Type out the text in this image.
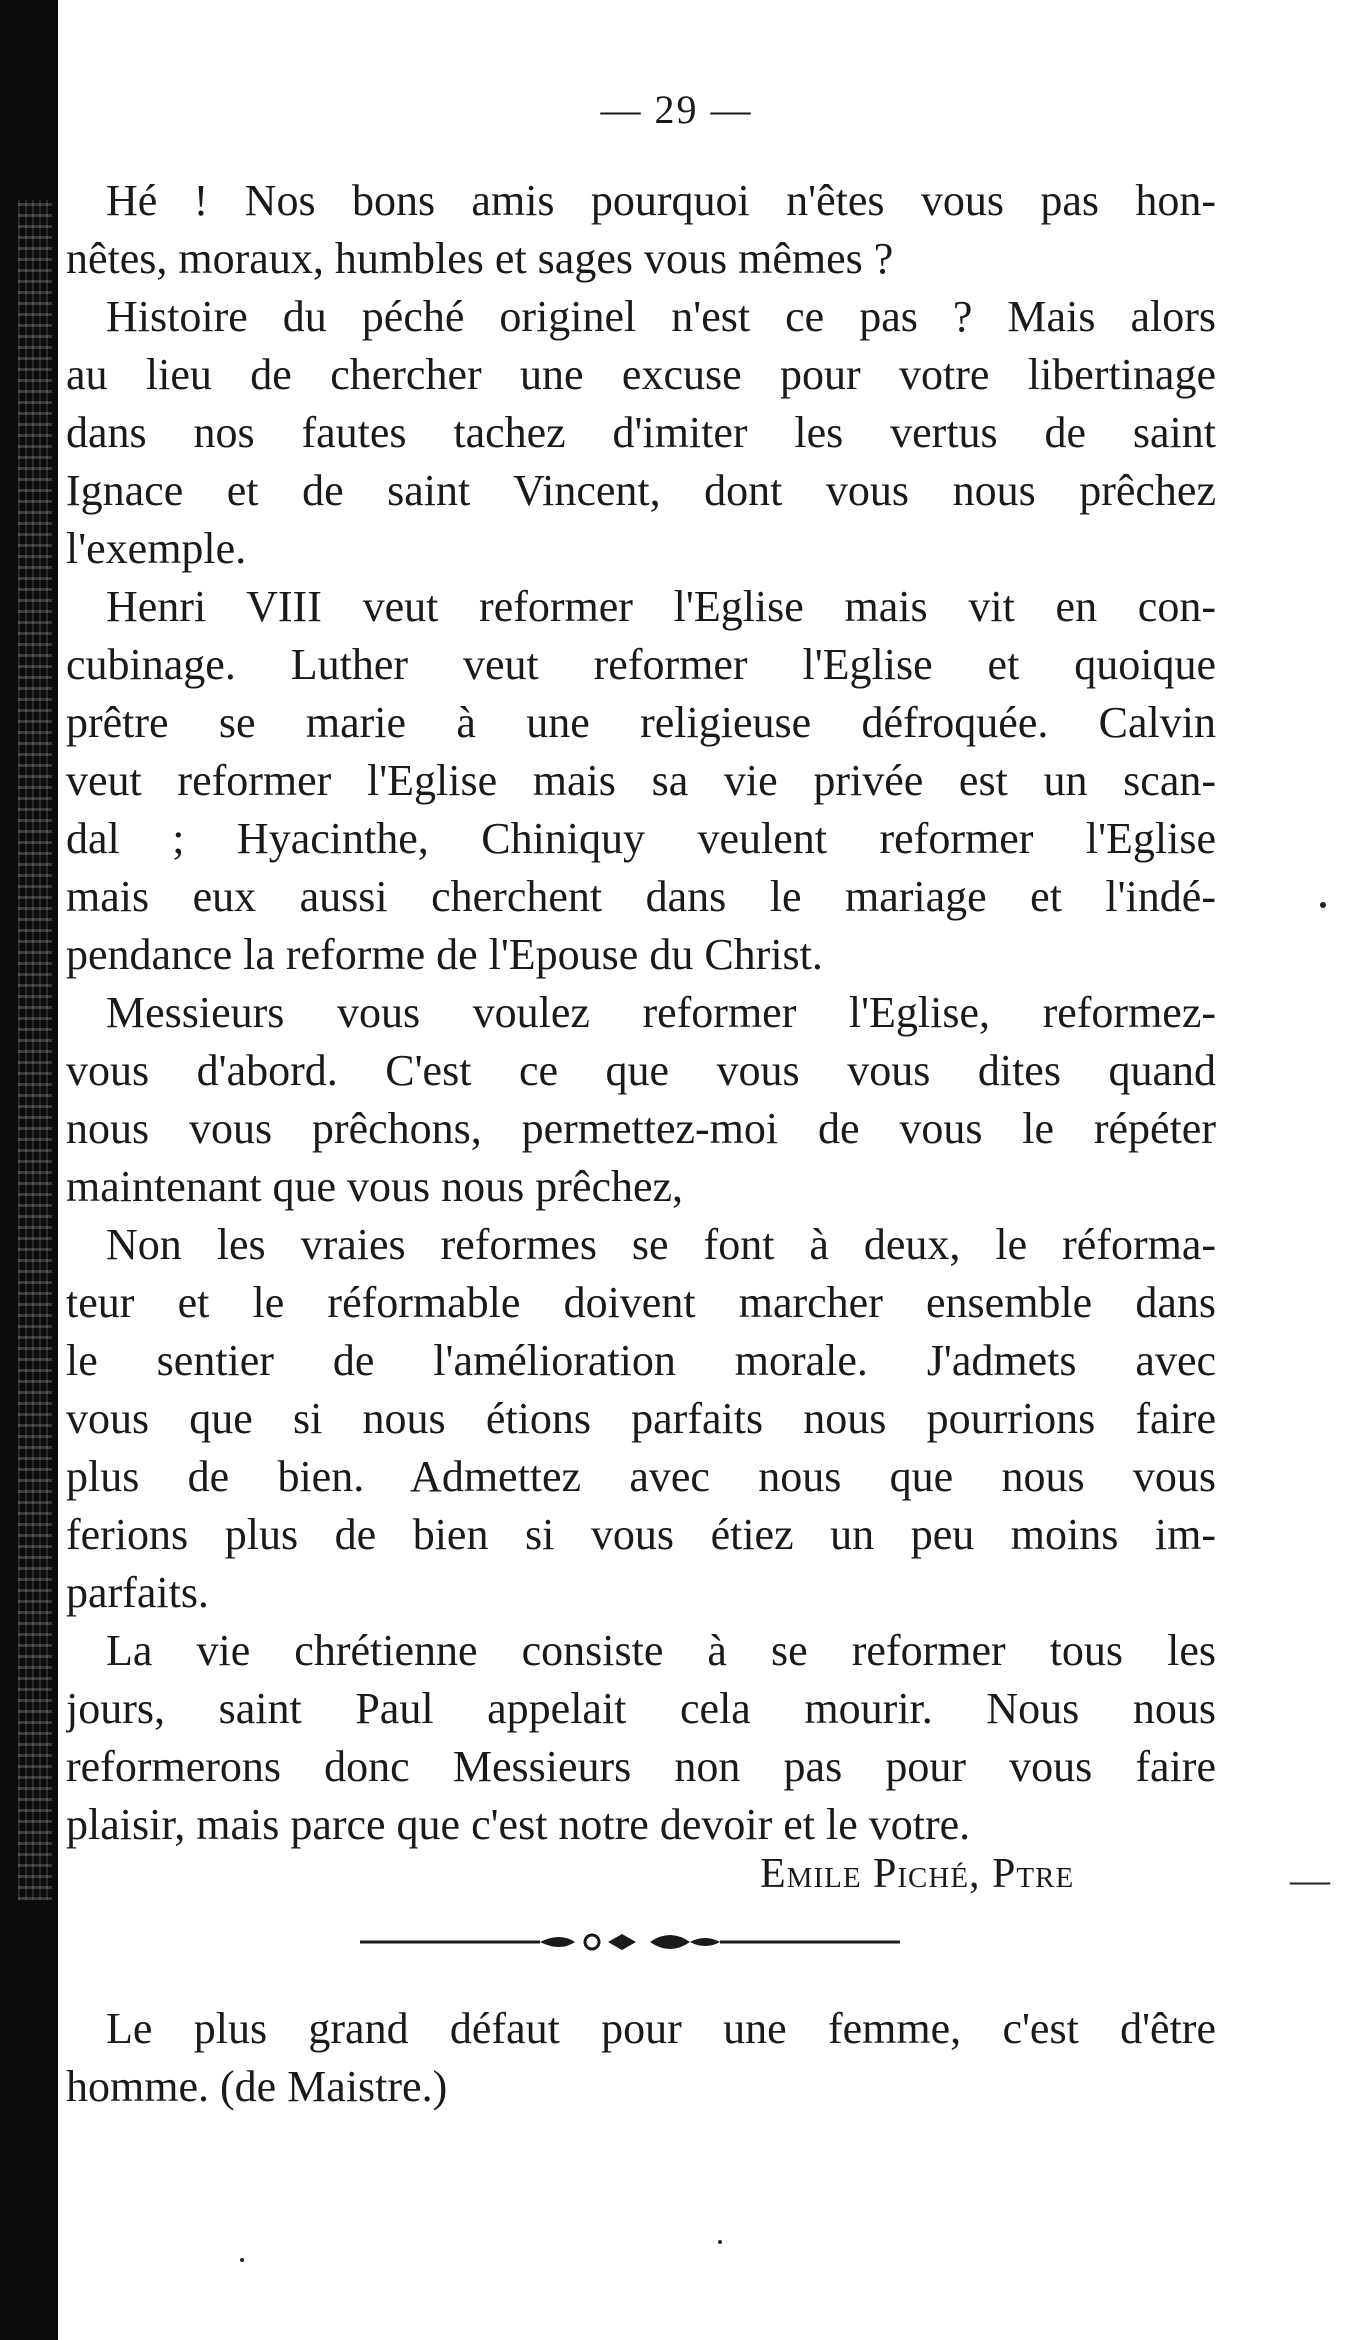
— 29 —
Hé ! Nos bons amis pourquoi n'êtes vous pas hon-
nêtes, moraux, humbles et sages vous mêmes ?
Histoire du péché originel n'est ce pas ? Mais alors
au lieu de chercher une excuse pour votre libertinage
dans nos fautes tachez d'imiter les vertus de saint
Ignace et de saint Vincent, dont vous nous prêchez
l'exemple.
Henri VIII veut reformer l'Eglise mais vit en con-
cubinage. Luther veut reformer l'Eglise et quoique
prêtre se marie à une religieuse défroquée. Calvin
veut reformer l'Eglise mais sa vie privée est un scan-
dal ; Hyacinthe, Chiniquy veulent reformer l'Eglise
mais eux aussi cherchent dans le mariage et l'indé-
pendance la reforme de l'Epouse du Christ.
Messieurs vous voulez reformer l'Eglise, reformez-
vous d'abord. C'est ce que vous vous dites quand
nous vous prêchons, permettez-moi de vous le répéter
maintenant que vous nous prêchez,
Non les vraies reformes se font à deux, le réforma-
teur et le réformable doivent marcher ensemble dans
le sentier de l'amélioration morale. J'admets avec
vous que si nous étions parfaits nous pourrions faire
plus de bien. Admettez avec nous que nous vous
ferions plus de bien si vous étiez un peu moins im-
parfaits.
La vie chrétienne consiste à se reformer tous les
jours, saint Paul appelait cela mourir. Nous nous
reformerons donc Messieurs non pas pour vous faire
plaisir, mais parce que c'est notre devoir et le votre.
Emile Piché, Ptre
Le plus grand défaut pour une femme, c'est d'être
homme. (de Maistre.)
—
